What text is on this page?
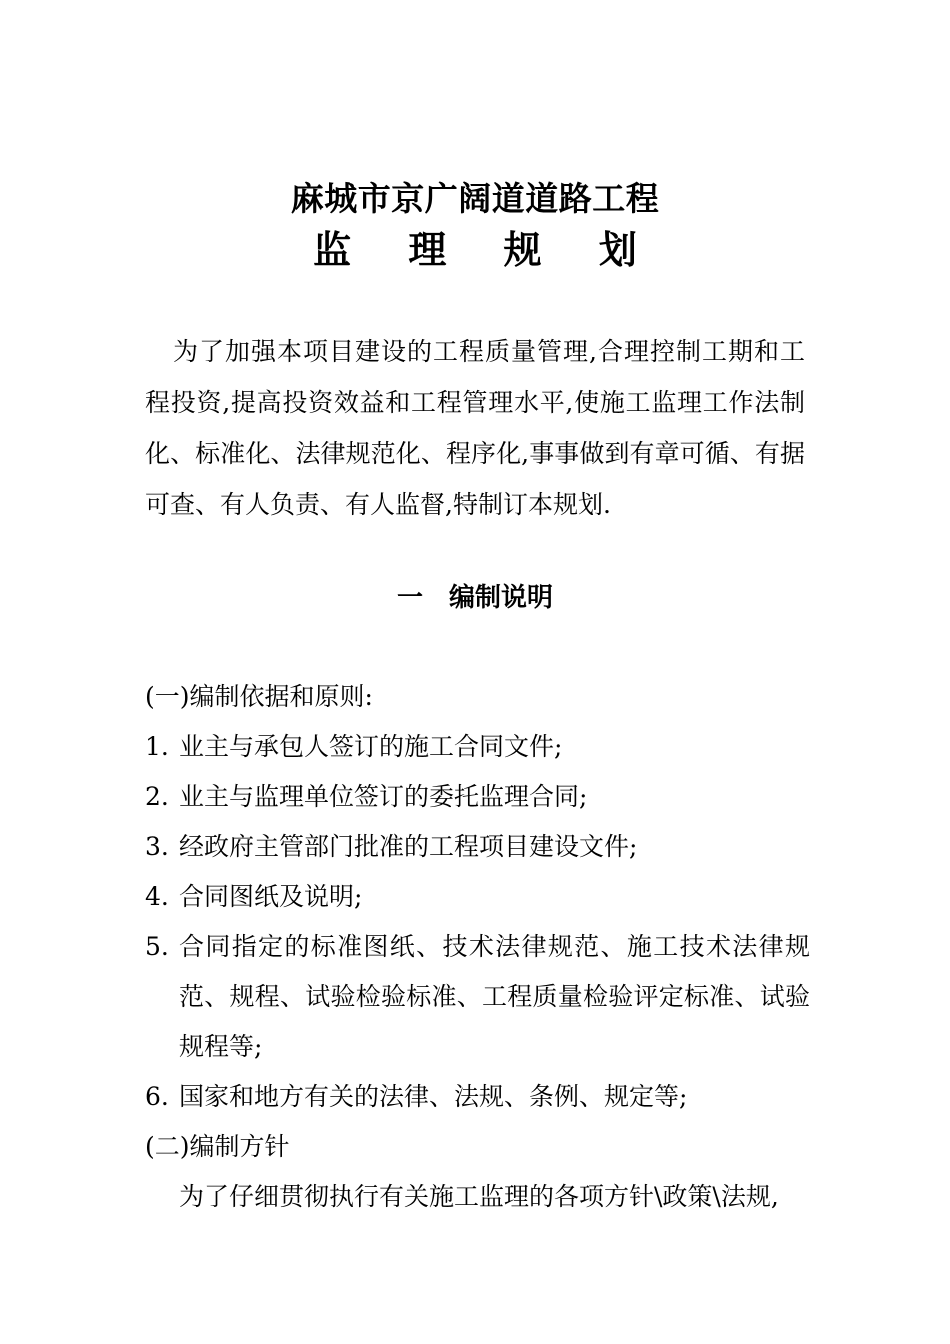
麻城市京广阔道道路工程
监 理 规 划

为了加强本项目建设的工程质量管理,合理控制工期和工程投资,提高投资效益和工程管理水平,使施工监理工作法制化、标准化、法律规范化、程序化,事事做到有章可循、有据可查、有人负责、有人监督,特制订本规划.

一 编制说明
(一)编制依据和原则:
1. 业主与承包人签订的施工合同文件;
2. 业主与监理单位签订的委托监理合同;
3. 经政府主管部门批准的工程项目建设文件;
4. 合同图纸及说明;
5. 合同指定的标准图纸、技术法律规范、施工技术法律规范、规程、试验检验标准、工程质量检验评定标准、试验规程等;
6. 国家和地方有关的法律、法规、条例、规定等;
(二)编制方针
为了仔细贯彻执行有关施工监理的各项方针\政策\法规,
